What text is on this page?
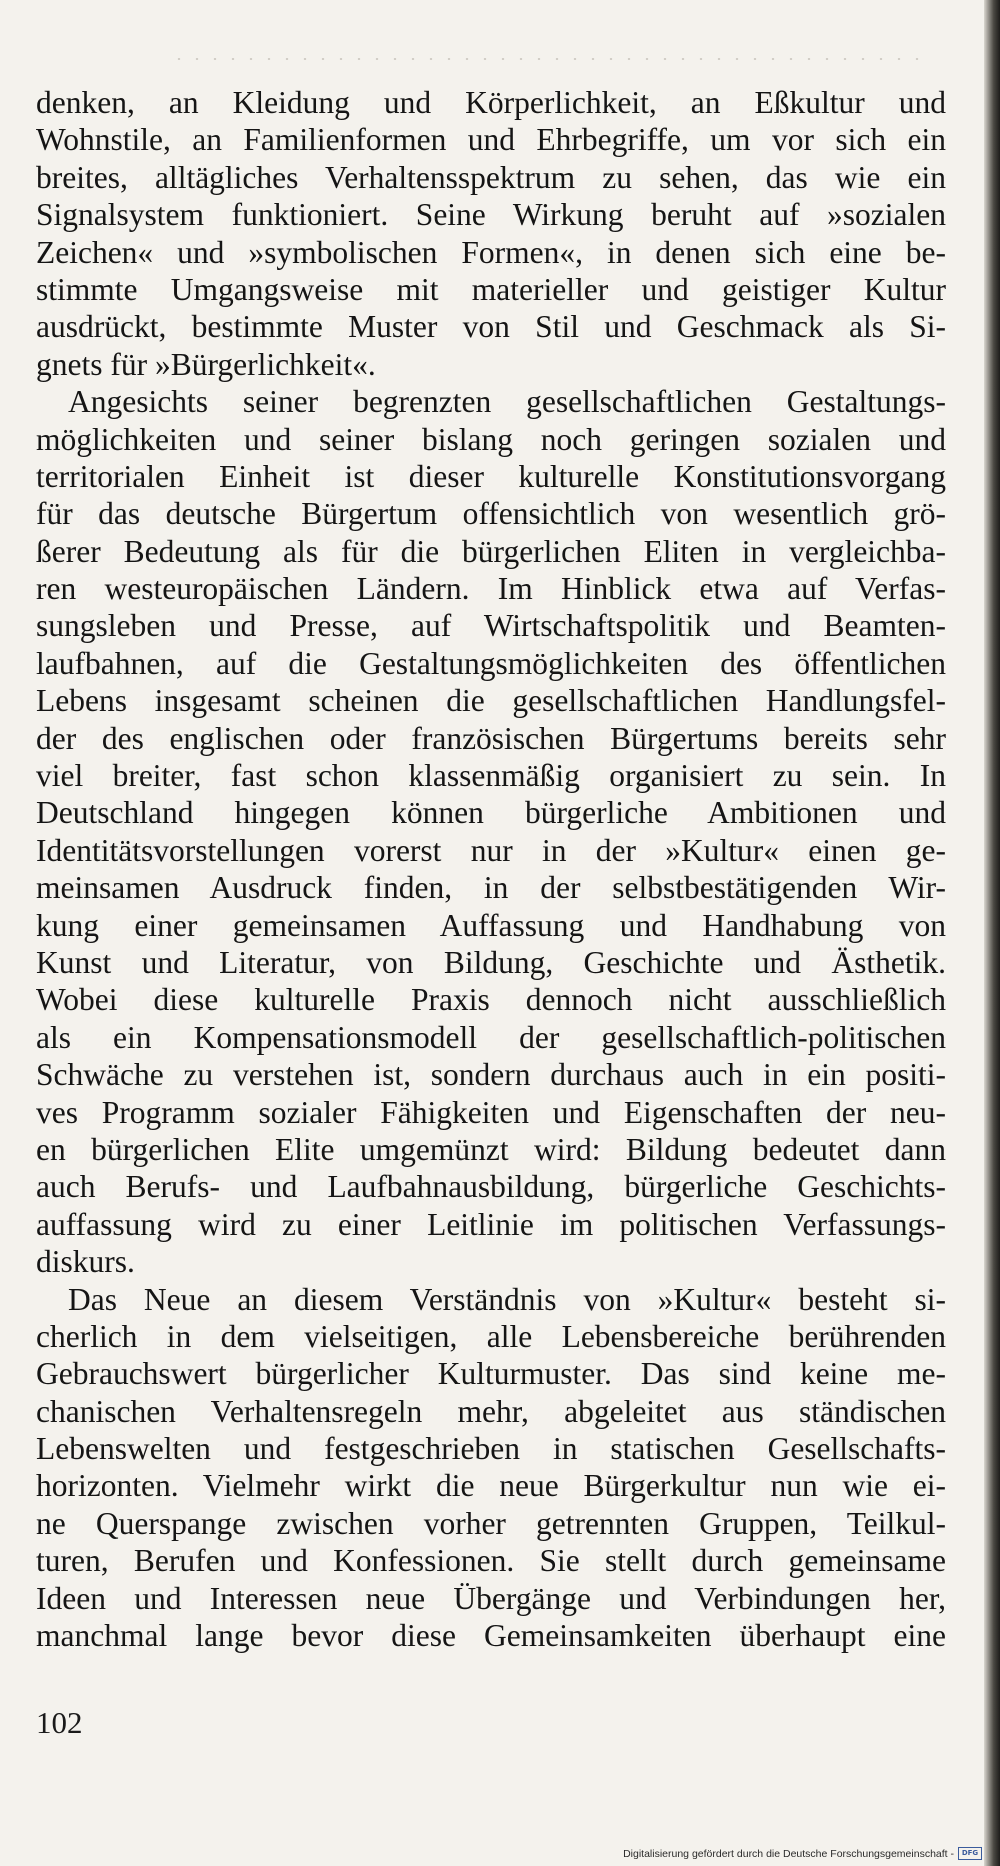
denken, an Kleidung und Körperlichkeit, an Eßkultur und
Wohnstile, an Familienformen und Ehrbegriffe, um vor sich ein
breites, alltägliches Verhaltensspektrum zu sehen, das wie ein
Signalsystem funktioniert. Seine Wirkung beruht auf »sozialen
Zeichen« und »symbolischen Formen«, in denen sich eine be-
stimmte Umgangsweise mit materieller und geistiger Kultur
ausdrückt, bestimmte Muster von Stil und Geschmack als Si-
gnets für »Bürgerlichkeit«.
Angesichts seiner begrenzten gesellschaftlichen Gestaltungs-
möglichkeiten und seiner bislang noch geringen sozialen und
territorialen Einheit ist dieser kulturelle Konstitutionsvorgang
für das deutsche Bürgertum offensichtlich von wesentlich grö-
ßerer Bedeutung als für die bürgerlichen Eliten in vergleichba-
ren westeuropäischen Ländern. Im Hinblick etwa auf Verfas-
sungsleben und Presse, auf Wirtschaftspolitik und Beamten-
laufbahnen, auf die Gestaltungsmöglichkeiten des öffentlichen
Lebens insgesamt scheinen die gesellschaftlichen Handlungsfel-
der des englischen oder französischen Bürgertums bereits sehr
viel breiter, fast schon klassenmäßig organisiert zu sein. In
Deutschland hingegen können bürgerliche Ambitionen und
Identitätsvorstellungen vorerst nur in der »Kultur« einen ge-
meinsamen Ausdruck finden, in der selbstbestätigenden Wir-
kung einer gemeinsamen Auffassung und Handhabung von
Kunst und Literatur, von Bildung, Geschichte und Ästhetik.
Wobei diese kulturelle Praxis dennoch nicht ausschließlich
als ein Kompensationsmodell der gesellschaftlich-politischen
Schwäche zu verstehen ist, sondern durchaus auch in ein positi-
ves Programm sozialer Fähigkeiten und Eigenschaften der neu-
en bürgerlichen Elite umgemünzt wird: Bildung bedeutet dann
auch Berufs- und Laufbahnausbildung, bürgerliche Geschichts-
auffassung wird zu einer Leitlinie im politischen Verfassungs-
diskurs.
Das Neue an diesem Verständnis von »Kultur« besteht si-
cherlich in dem vielseitigen, alle Lebensbereiche berührenden
Gebrauchswert bürgerlicher Kulturmuster. Das sind keine me-
chanischen Verhaltensregeln mehr, abgeleitet aus ständischen
Lebenswelten und festgeschrieben in statischen Gesellschafts-
horizonten. Vielmehr wirkt die neue Bürgerkultur nun wie ei-
ne Querspange zwischen vorher getrennten Gruppen, Teilkul-
turen, Berufen und Konfessionen. Sie stellt durch gemeinsame
Ideen und Interessen neue Übergänge und Verbindungen her,
manchmal lange bevor diese Gemeinsamkeiten überhaupt eine
102
Digitalisierung gefördert durch die Deutsche Forschungsgemeinschaft -	DFG
